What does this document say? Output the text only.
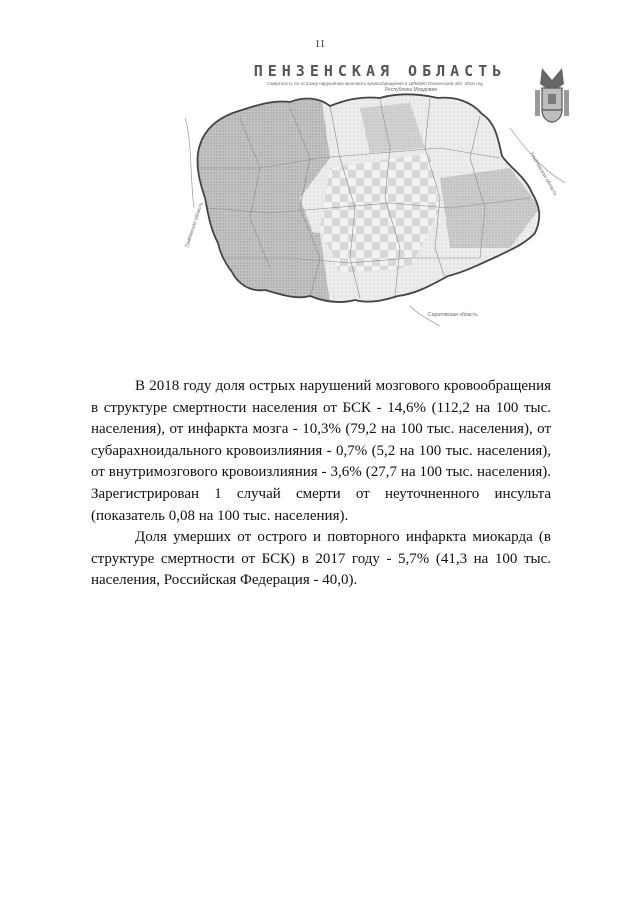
11
ПЕНЗЕНСКАЯ ОБЛАСТЬ
Смертность по острому нарушению мозгового кровообращения в ЦРБ/МО Пензенской обл. 2018 год
Республика Мордовия
Саратовская область
Тамбовская область
Ульяновская область

В 2018 году доля острых нарушений мозгового кровообращения в структуре смертности населения от БСК - 14,6% (112,2 на 100 тыс. населения), от инфаркта мозга - 10,3% (79,2 на 100 тыс. населения), от субарахноидального кровоизлияния - 0,7% (5,2 на 100 тыс. населения), от внутримозгового кровоизлияния - 3,6% (27,7 на 100 тыс. населения). Зарегистрирован 1 случай смерти от неуточненного инсульта (показатель 0,08 на 100 тыс. населения).

Доля умерших от острого и повторного инфаркта миокарда (в структуре смертности от БСК) в 2017 году - 5,7% (41,3 на 100 тыс. населения, Российская Федерация - 40,0).
